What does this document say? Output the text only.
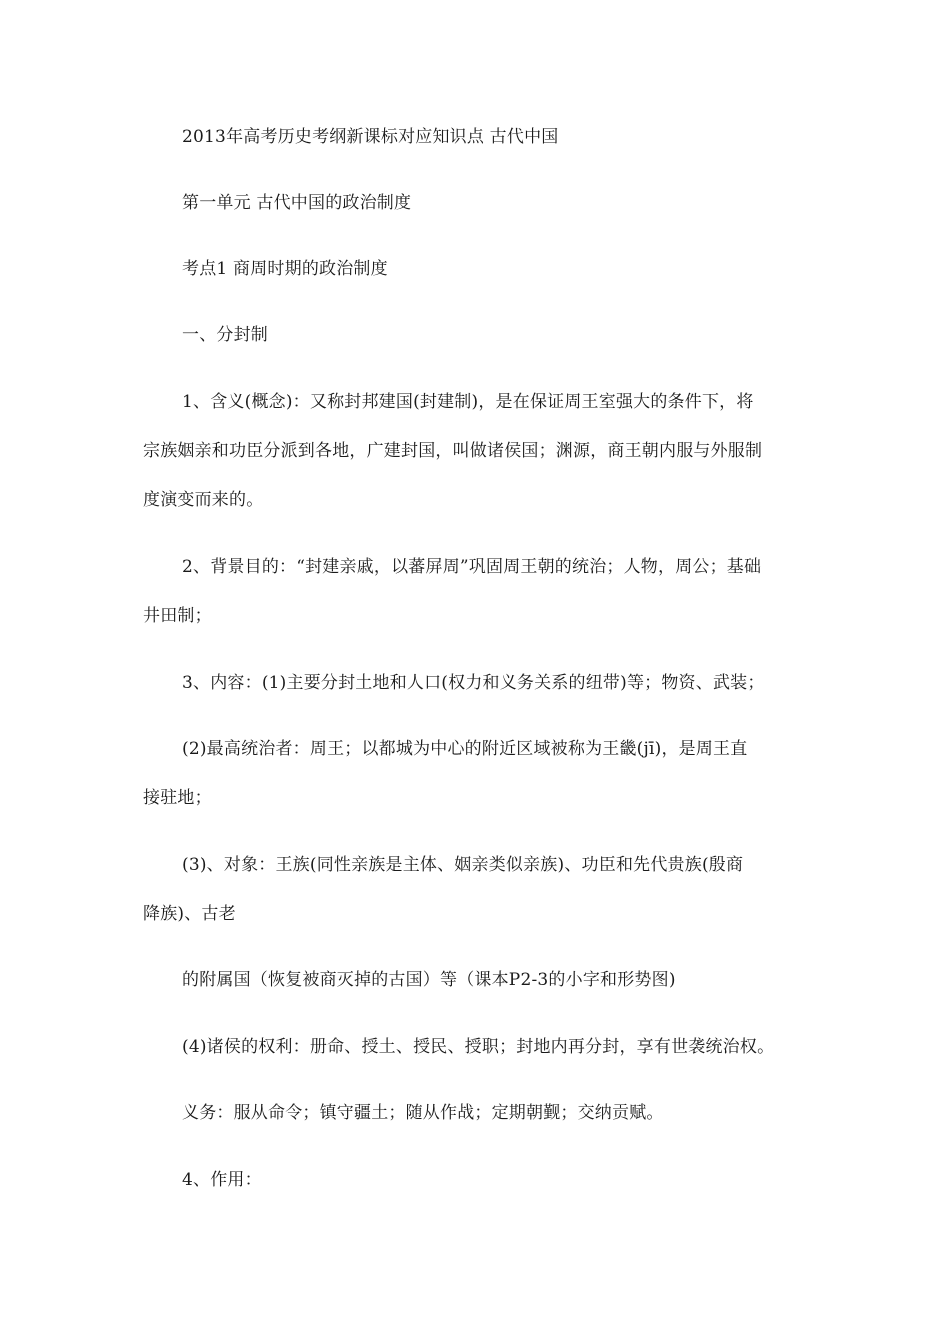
2013年高考历史考纲新课标对应知识点 古代中国
第一单元 古代中国的政治制度
考点1 商周时期的政治制度
一、分封制
1、含义(概念)：又称封邦建国(封建制)，是在保证周王室强大的条件下，将
宗族姻亲和功臣分派到各地，广建封国，叫做诸侯国；渊源，商王朝内服与外服制
度演变而来的。
2、背景目的：“封建亲戚，以蕃屏周”巩固周王朝的统治；人物，周公；基础
井田制；
3、内容：(1)主要分封土地和人口(权力和义务关系的纽带)等；物资、武装；
(2)最高统治者：周王；以都城为中心的附近区域被称为王畿(jī)，是周王直
接驻地；
(3)、对象：王族(同性亲族是主体、姻亲类似亲族)、功臣和先代贵族(殷商
降族)、古老
的附属国（恢复被商灭掉的古国）等（课本P2-3的小字和形势图)
(4)诸侯的权利：册命、授土、授民、授职；封地内再分封，享有世袭统治权。
义务：服从命令；镇守疆土；随从作战；定期朝觐；交纳贡赋。
4、作用：
